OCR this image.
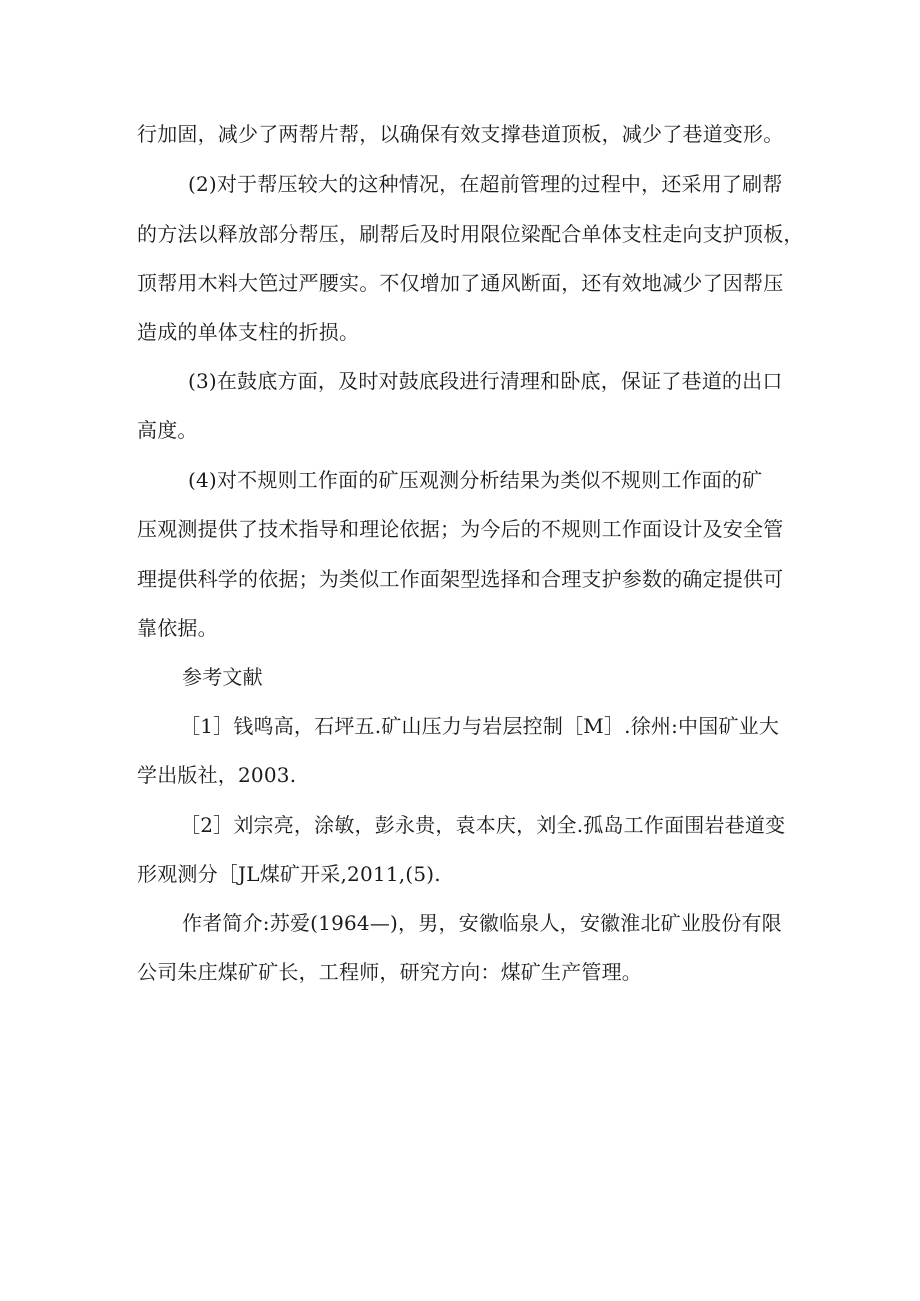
行加固，减少了两帮片帮，以确保有效支撑巷道顶板，减少了巷道变形。
(2)对于帮压较大的这种情况，在超前管理的过程中，还采用了刷帮
的方法以释放部分帮压，刷帮后及时用限位梁配合单体支柱走向支护顶板，
顶帮用木料大笆过严腰实。不仅增加了通风断面，还有效地减少了因帮压
造成的单体支柱的折损。
(3)在鼓底方面，及时对鼓底段进行清理和卧底，保证了巷道的出口
高度。
(4)对不规则工作面的矿压观测分析结果为类似不规则工作面的矿
压观测提供了技术指导和理论依据；为今后的不规则工作面设计及安全管
理提供科学的依据；为类似工作面架型选择和合理支护参数的确定提供可
靠依据。
参考文献
［1］钱鸣高，石坪五.矿山压力与岩层控制［M］.徐州:中国矿业大
学出版社，2003.
［2］刘宗亮，涂敏，彭永贵，袁本庆，刘全.孤岛工作面围岩巷道变
形观测分［JL煤矿开采,2011,(5).
作者简介:苏爱(1964—)，男，安徽临泉人，安徽淮北矿业股份有限
公司朱庄煤矿矿长，工程师，研究方向：煤矿生产管理。
